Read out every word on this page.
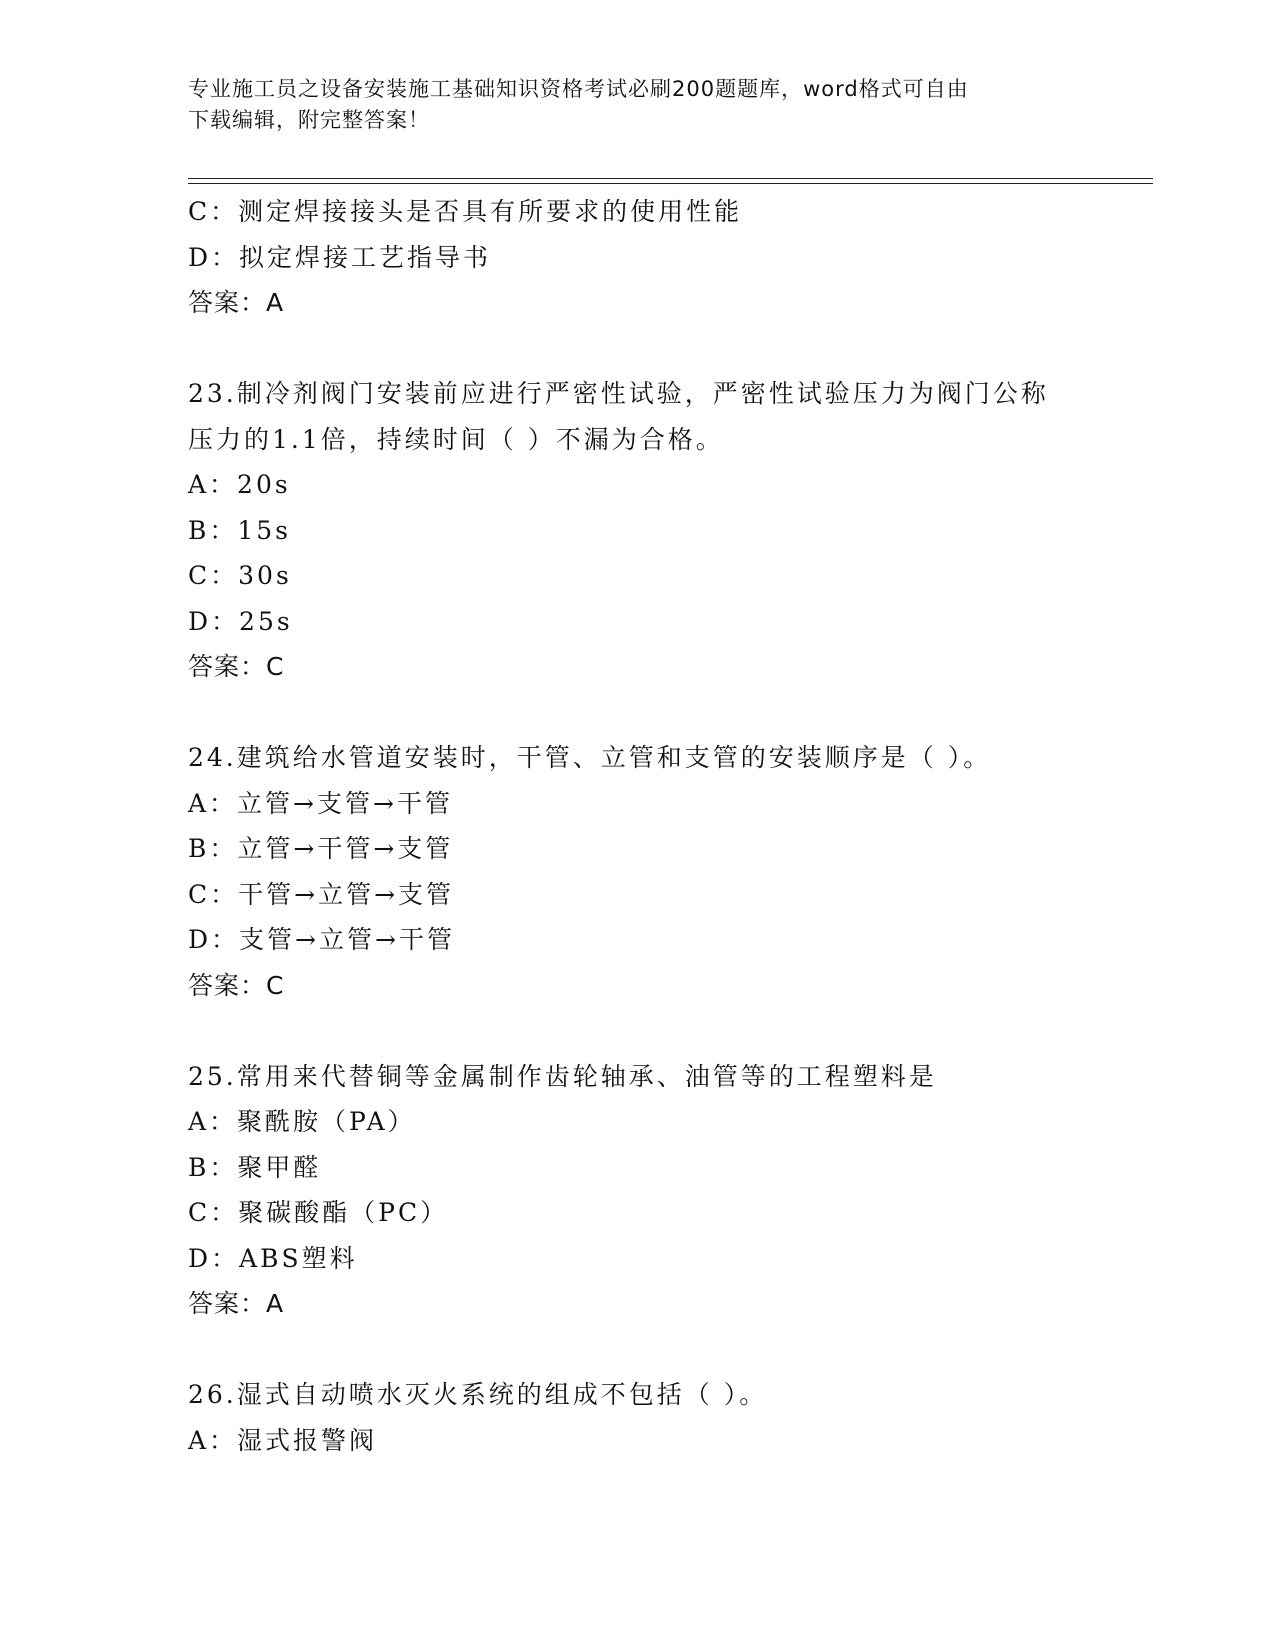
专业施工员之设备安装施工基础知识资格考试必刷200题题库，word格式可自由
下载编辑，附完整答案！
C：测定焊接接头是否具有所要求的使用性能
D：拟定焊接工艺指导书
答案：A
23.制冷剂阀门安装前应进行严密性试验，严密性试验压力为阀门公称
压力的1.1倍，持续时间（ ）不漏为合格。
A：20s
B：15s
C：30s
D：25s
答案：C
24.建筑给水管道安装时，干管、立管和支管的安装顺序是（ ）。
A：立管→支管→干管
B：立管→干管→支管
C：干管→立管→支管
D：支管→立管→干管
答案：C
25.常用来代替铜等金属制作齿轮轴承、油管等的工程塑料是
A：聚酰胺（PA）
B：聚甲醛
C：聚碳酸酯（PC）
D：ABS塑料
答案：A
26.湿式自动喷水灭火系统的组成不包括（ ）。
A：湿式报警阀
